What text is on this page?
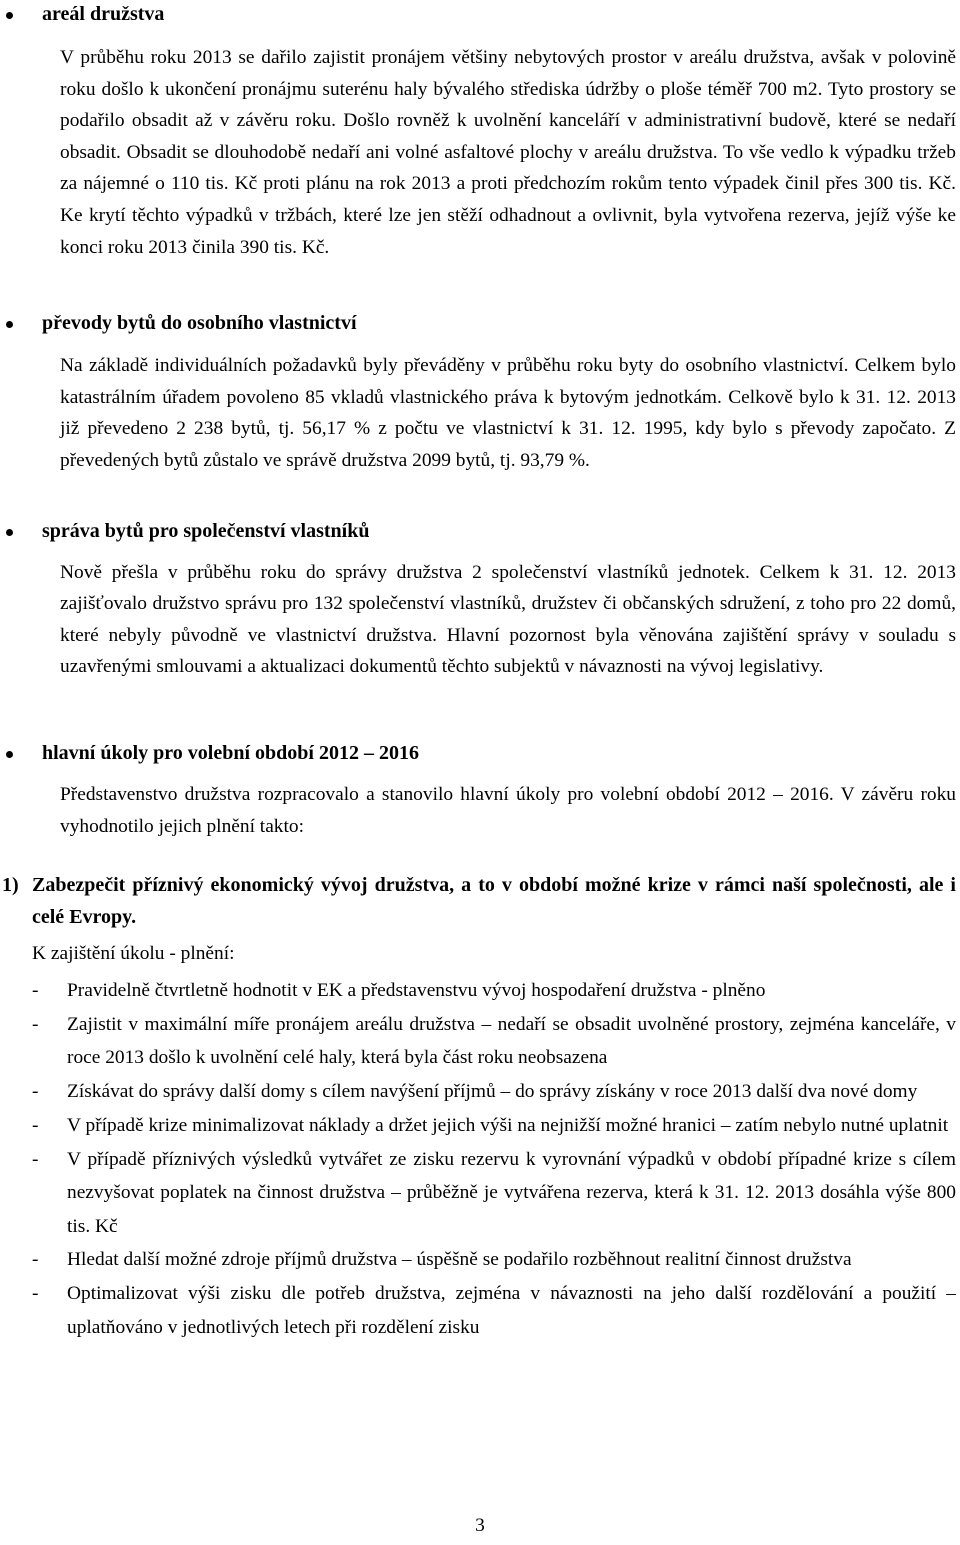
areál družstva

V průběhu roku 2013 se dařilo zajistit pronájem většiny nebytových prostor v areálu družstva, avšak v polovině roku došlo k ukončení pronájmu suterénu haly bývalého střediska údržby o ploše téměř 700 m2. Tyto prostory se podařilo obsadit až v závěru roku. Došlo rovněž k uvolnění kanceláří v administrativní budově, které se nedaří obsadit. Obsadit se dlouhodobě nedaří ani volné asfaltové plochy v areálu družstva. To vše vedlo k výpadku tržeb za nájemné o 110 tis. Kč proti plánu na rok 2013 a proti předchozím rokům tento výpadek činil přes 300 tis. Kč. Ke krytí těchto výpadků v tržbách, které lze jen stěží odhadnout a ovlivnit, byla vytvořena rezerva, jejíž výše ke konci roku 2013 činila 390 tis. Kč.

převody bytů do osobního vlastnictví

Na základě individuálních požadavků byly převáděny v průběhu roku byty do osobního vlastnictví. Celkem bylo katastrálním úřadem povoleno 85 vkladů vlastnického práva k bytovým jednotkám. Celkově bylo k 31. 12. 2013 již převedeno 2 238 bytů, tj. 56,17 % z počtu ve vlastnictví k 31. 12. 1995, kdy bylo s převody započato. Z převedených bytů zůstalo ve správě družstva 2099 bytů, tj. 93,79 %.

správa bytů pro společenství vlastníků

Nově přešla v průběhu roku do správy družstva 2 společenství vlastníků jednotek. Celkem k 31. 12. 2013 zajišťovalo družstvo správu pro 132 společenství vlastníků, družstev či občanských sdružení, z toho pro 22 domů, které nebyly původně ve vlastnictví družstva. Hlavní pozornost byla věnována zajištění správy v souladu s uzavřenými smlouvami a aktualizaci dokumentů těchto subjektů v návaznosti na vývoj legislativy.

hlavní úkoly pro volební období 2012 – 2016

Představenstvo družstva rozpracovalo a stanovilo hlavní úkoly pro volební období 2012 – 2016. V závěru roku vyhodnotilo jejich plnění takto:

1) Zabezpečit příznivý ekonomický vývoj družstva, a to v období možné krize v rámci naší společnosti, ale i celé Evropy.
K zajištění úkolu - plnění:
- Pravidelně čtvrtletně hodnotit v EK a představenstvu vývoj hospodaření družstva - plněno
- Zajistit v maximální míře pronájem areálu družstva – nedaří se obsadit uvolněné prostory, zejména kanceláře, v roce 2013 došlo k uvolnění celé haly, která byla část roku neobsazena
- Získávat do správy další domy s cílem navýšení příjmů – do správy získány v roce 2013 další dva nové domy
- V případě krize minimalizovat náklady a držet jejich výši na nejnižší možné hranici – zatím nebylo nutné uplatnit
- V případě příznivých výsledků vytvářet ze zisku rezervu k vyrovnání výpadků v období případné krize s cílem nezvyšovat poplatek na činnost družstva – průběžně je vytvářena rezerva, která k 31. 12. 2013 dosáhla výše 800 tis. Kč
- Hledat další možné zdroje příjmů družstva – úspěšně se podařilo rozběhnout realitní činnost družstva
- Optimalizovat výši zisku dle potřeb družstva, zejména v návaznosti na jeho další rozdělování a použití – uplatňováno v jednotlivých letech při rozdělení zisku
3
